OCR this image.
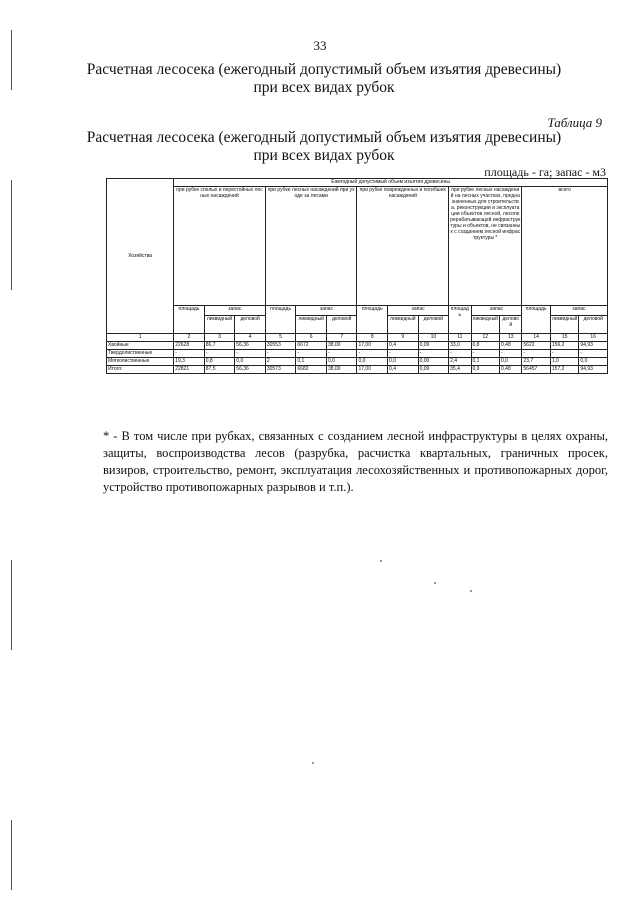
33
Расчетная лесосека (ежегодный допустимый объем изъятия древесины) при всех видах рубок
Таблица 9
Расчетная лесосека (ежегодный допустимый объем изъятия древесины) при всех видах рубок
площадь - га; запас - м3
Хозяйства	Ежегодный допустимый объем изъятия древесины														
	при рубке спелых и перестойных лесных насаждений			при рубке лесных насаждений при уходе за лесами			при рубке поврежденных и погибших насаждений			при рубке лесных насаждений на лесных участках, предназначенных для строительства, реконструкции и эксплуатации объектов лесной, лесоперерабатывающей инфраструктуры и объектов, не связанных с созданием лесной инфраструктуры *			всего		
	площадь	запас		площадь	запас		площадь	запас		площадь	запас		площадь	запас	
		ликвидный	деловой		ликвидный	деловой		ликвидный	деловой		ликвидный	деловой		ликвидный	деловой
1	2	3	4	5	6	7	8	9	10	11	12	13	14	15	16
Хвойные	22628	86,7	56,36	30553	6672	38,00	17,00	0,4	0,09	33,0	0,8	0,48	5622	156,2	94,93
Твердолиственные	-	-	-	-	-	-	-	-	-	-	-	-	-	-	-
Мягколиственные	19,3	0,8	0,0	2	0,1	0,0	0,0	0,0	0,00	2,4	0,1	0,0	23,7	1,0	0,0
Итого:	22821	87,5	56,36	30573	6682	38,00	17,00	0,4	0,09	35,4	0,9	0,48	56457	157,2	94,93
* - В том числе при рубках, связанных с созданием лесной инфраструктуры в целях охраны, защиты, воспроизводства лесов (разрубка, расчистка квартальных, граничных просек, визиров, строительство, ремонт, эксплуатация лесохозяйственных и противопожарных дорог, устройство противопожарных разрывов и т.п.).
